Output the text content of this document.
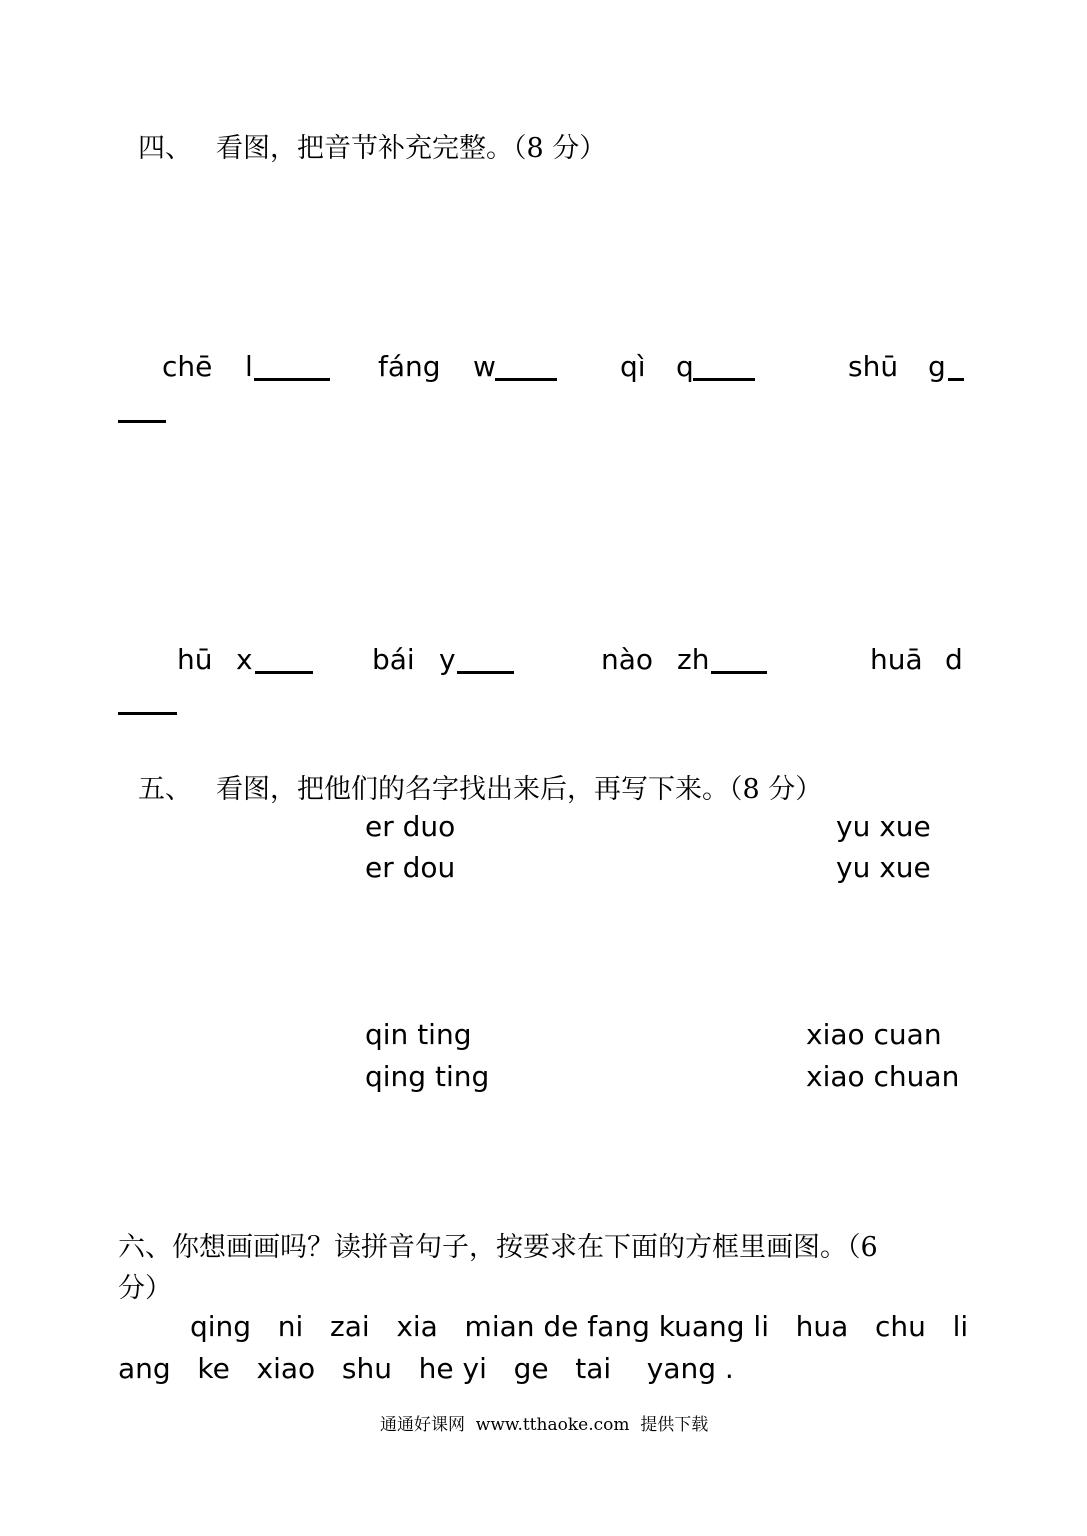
四、 看图，把音节补充完整。（8 分）
chē l	fáng w	qì q	shū g
hū x	bái y	nào zh	huā d
五、 看图，把他们的名字找出来后，再写下来。（8 分）
er duo
er dou
yu xue
yu xue
qin ting
qing ting
xiao cuan
xiao chuan
六、你想画画吗？读拼音句子，按要求在下面的方框里画图。（6
分）
qing   ni   zai   xia   mian de fang kuang li   hua   chu   li
ang   ke   xiao   shu   he yi   ge   tai    yang .
通通好课网  www.tthaoke.com  提供下载
